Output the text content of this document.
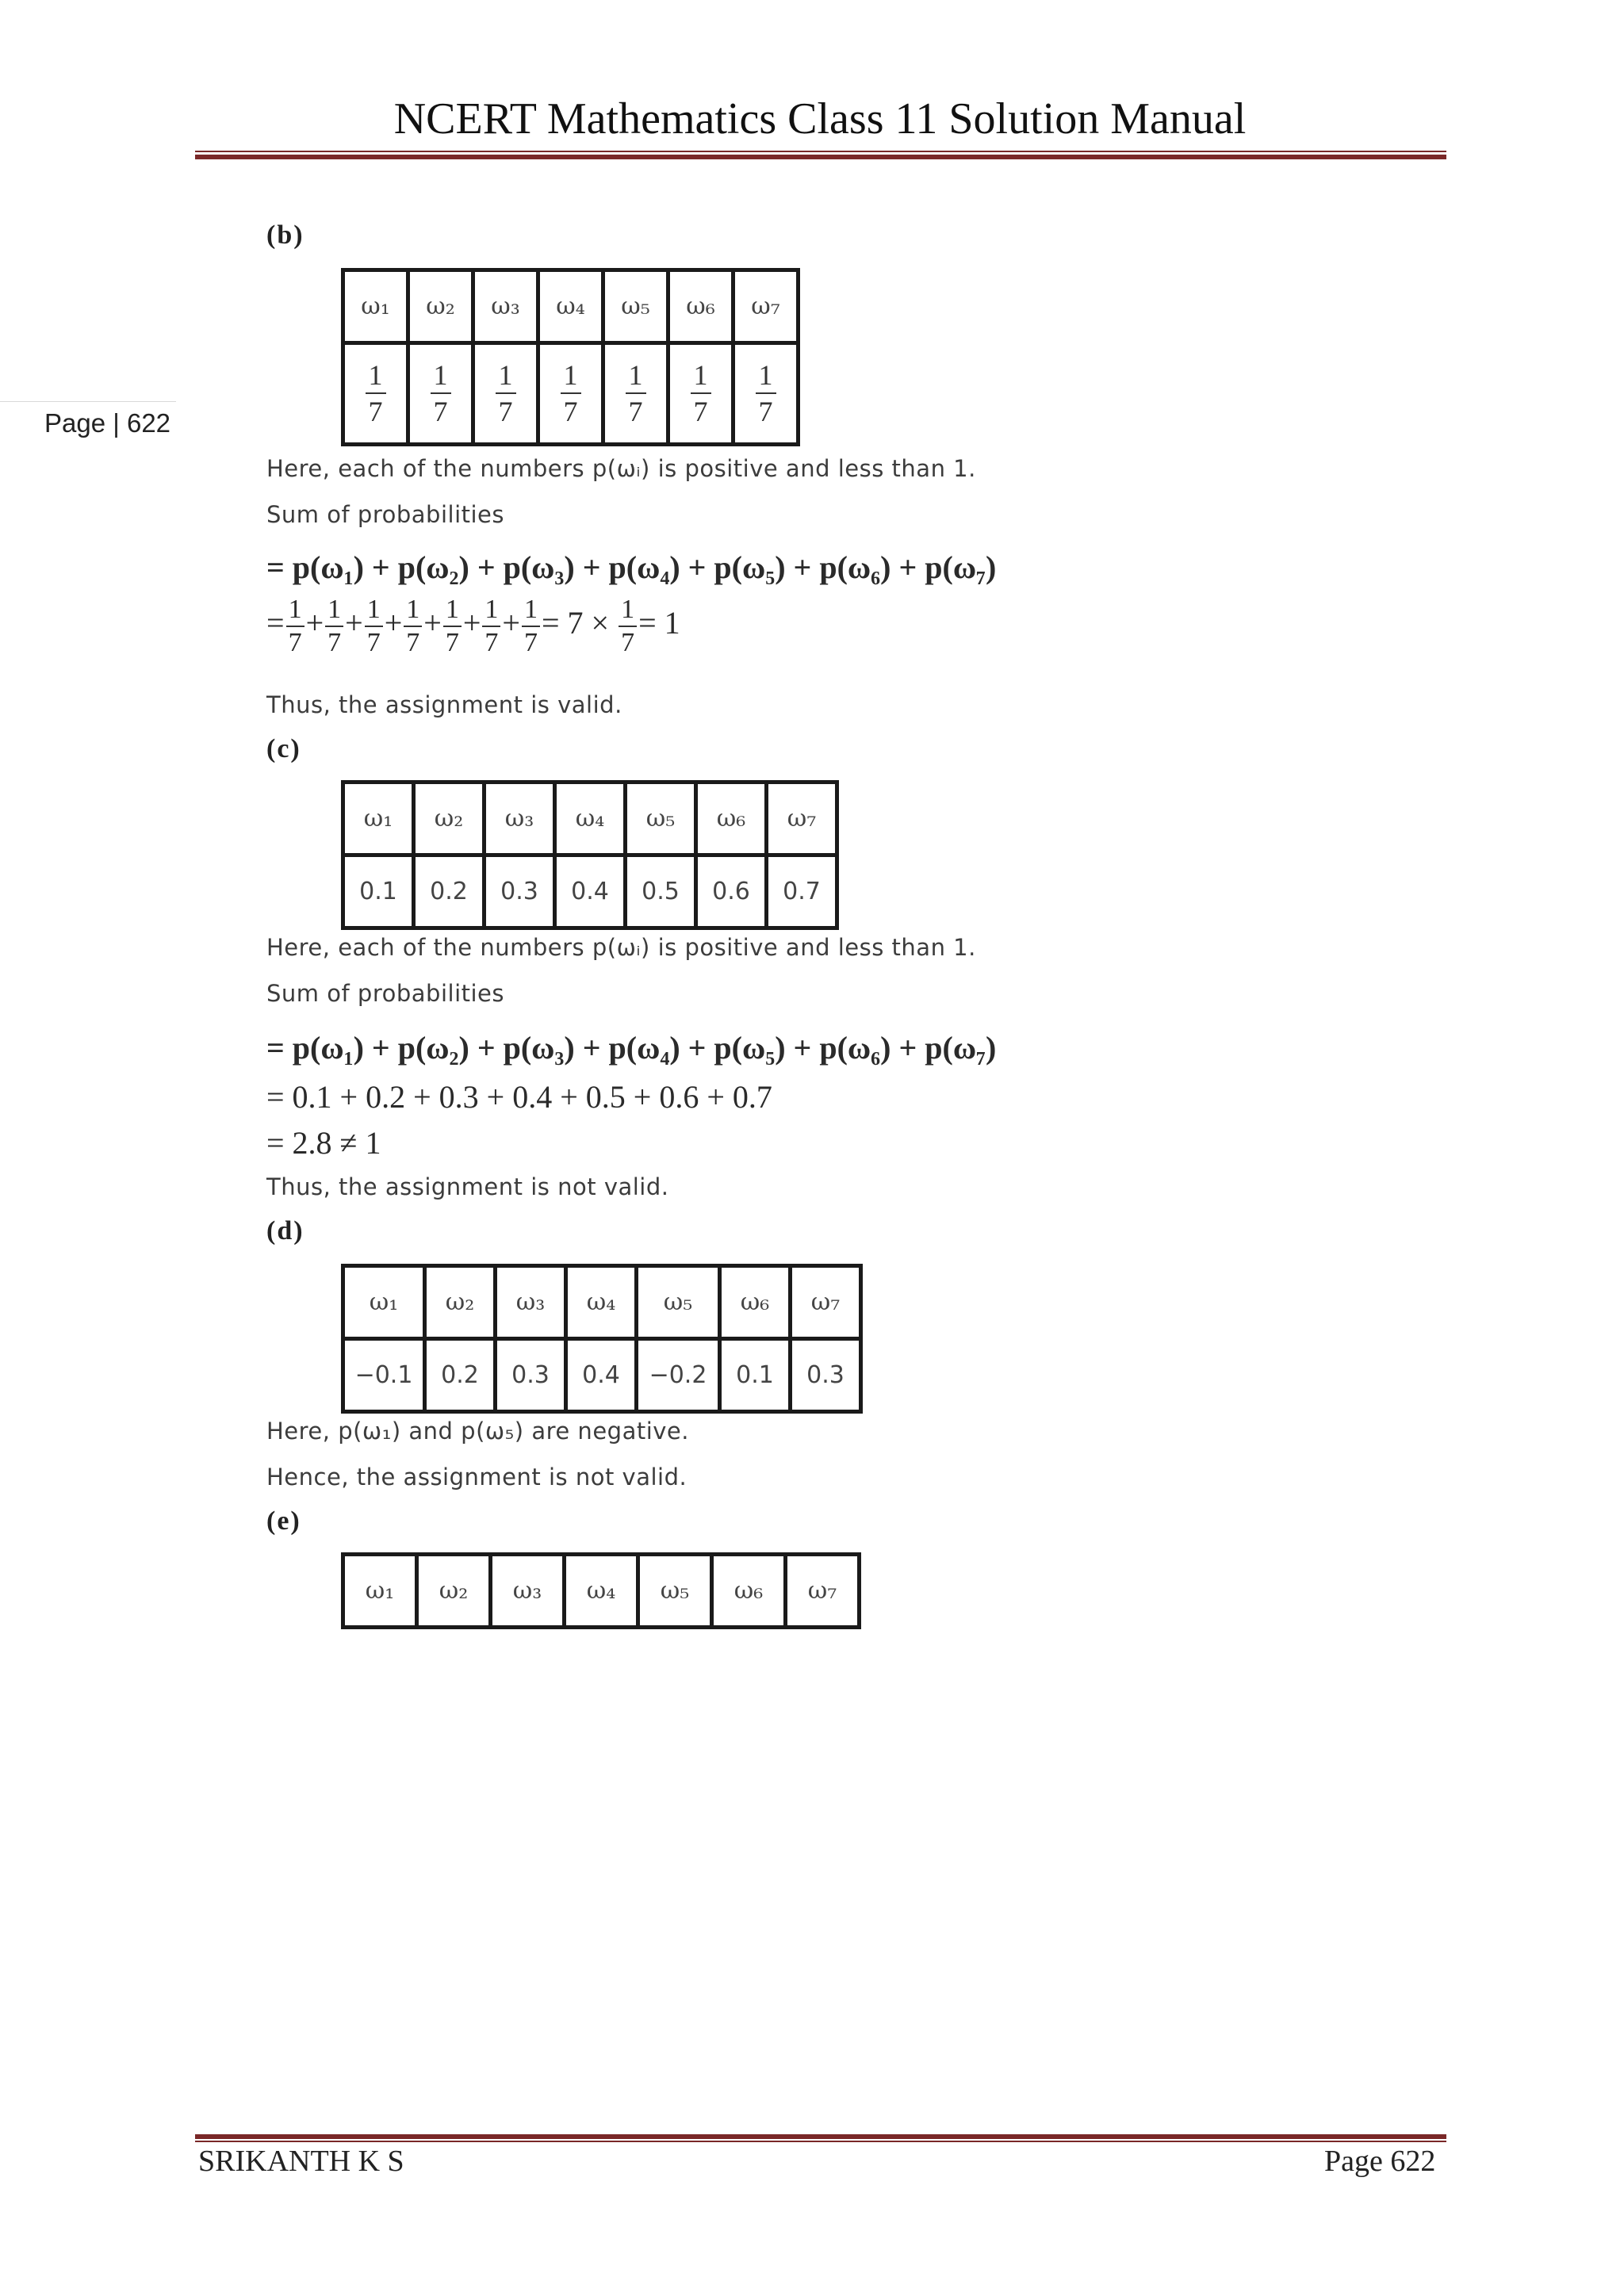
NCERT Mathematics Class 11 Solution Manual
Page | 622
(b)
ω₁	ω₂	ω₃	ω₄	ω₅	ω₆	ω₇

$\frac{1}{7}$	$\frac{1}{7}$	$\frac{1}{7}$	$\frac{1}{7}$	$\frac{1}{7}$	$\frac{1}{7}$	$\frac{1}{7}$
Here, each of the numbers p(ωᵢ) is positive and less than 1.
Sum of probabilities
= p(ω₁) + p(ω₂) + p(ω₃) + p(ω₄) + p(ω₅) + p(ω₆) + p(ω₇)
= $\frac{1}{7} + \frac{1}{7} + \frac{1}{7} + \frac{1}{7} + \frac{1}{7} + \frac{1}{7} + \frac{1}{7} = 7 \times \frac{1}{7} = 1$
Thus, the assignment is valid.
(c)
ω₁	ω₂	ω₃	ω₄	ω₅	ω₆	ω₇
0.1	0.2	0.3	0.4	0.5	0.6	0.7
Here, each of the numbers p(ωᵢ) is positive and less than 1.
Sum of probabilities
= p(ω₁) + p(ω₂) + p(ω₃) + p(ω₄) + p(ω₅) + p(ω₆) + p(ω₇)
= 0.1 + 0.2 + 0.3 + 0.4 + 0.5 + 0.6 + 0.7
= 2.8 ≠ 1
Thus, the assignment is not valid.
(d)
ω₁	ω₂	ω₃	ω₄	ω₅	ω₆	ω₇
−0.1	0.2	0.3	0.4	−0.2	0.1	0.3
Here, p(ω₁) and p(ω₅) are negative.
Hence, the assignment is not valid.
(e)
ω₁	ω₂	ω₃	ω₄	ω₅	ω₆	ω₇
SRIKANTH K S	Page 622
